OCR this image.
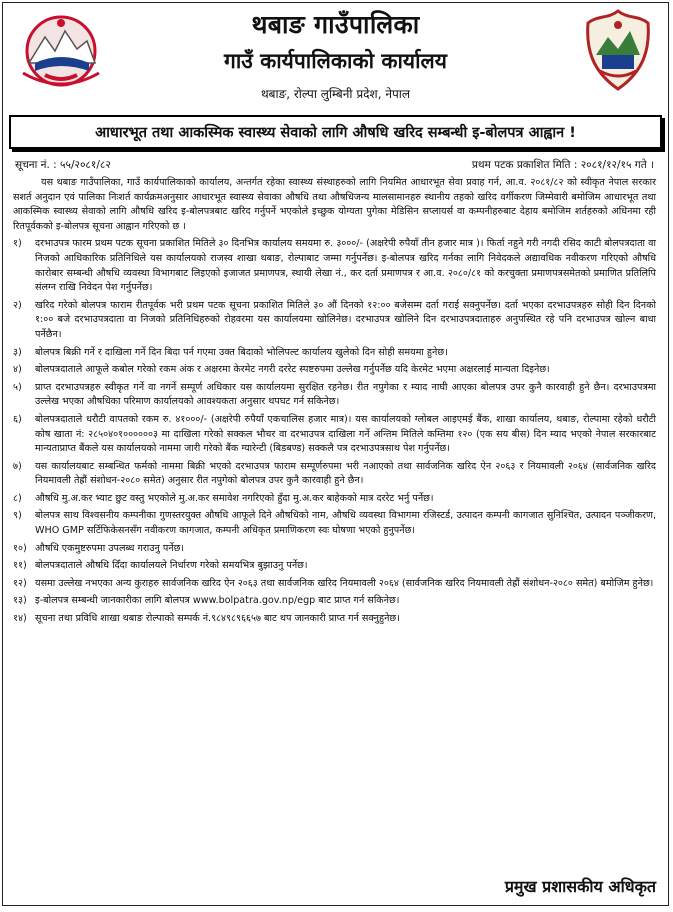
थबाङ गाउँपालिका
गाउँ कार्यपालिकाको कार्यालय
थबाङ, रोल्पा लुम्बिनी प्रदेश, नेपाल
आधारभूत तथा आकस्मिक स्वास्थ्य सेवाको लागि औषधि खरिद सम्बन्धी इ-बोलपत्र आह्वान !
सूचना नं. : ५५/२०८१/८२	प्रथम पटक प्रकाशित मिति : २०८१/१२/१५ गते ।

यस थबाङ गाउँपालिका, गाउँ कार्यपालिकाको कार्यालय, अन्तर्गत रहेका स्वास्थ्य संस्थाहरुको लागि नियमित आधारभूत सेवा प्रवाह गर्न, आ.व. २०८१/८२ को स्वीकृत नेपाल सरकार सशर्त अनुदान एवं पालिका निःशर्त कार्यक्रमअनुसार आधारभूत स्वास्थ्य सेवाका औषधि तथा औषधिजन्य मालसामानहरु स्थानीय तहको खरिद वर्गीकरण जिम्मेवारी बमोजिम आधारभूत तथा आकस्मिक स्वास्थ्य सेवाको लागि औषधि खरिद इ-बोलपत्रबाट खरिद गर्नुपर्ने भएकोले इच्छुक योग्यता पुगेका मेडिसिन सप्लायर्स वा कम्पनीहरुबाट देहाय बमोजिम शर्तहरुको अधिनमा रही रितपूर्वकको इ-बोलपत्र सूचना आह्वान गरिएको छ ।

१)	दरभाउपत्र फारम प्रथम पटक सूचना प्रकाशित मितिले ३० दिनभित्र कार्यालय समयमा रु. ३०००/- (अक्षरेपी रुपैयाँ तीन हजार मात्र )। फिर्ता नहुने गरी नगदी रसिद काटी बोलपत्रदाता वा निजको आधिकारिक प्रतिनिधिले यस कार्यालयको राजस्व शाखा थबाङ, रोल्पाबाट जम्मा गर्नुपर्नेछ। इ-बोलपत्र खरिद गर्नका लागि निवेदकले अद्यावधिक नवीकरण गरिएको औषधि कारोबार सम्बन्धी औषधि व्यवस्था विभागबाट लिइएको इजाजत प्रमाणपत्र, स्थायी लेखा नं., कर दर्ता प्रमाणपत्र र आ.व. २०८०/८१ को करचुक्ता प्रमाणपत्रसमेतको प्रमाणित प्रतिलिपि संलग्न राखि निवेदन पेश गर्नुपर्नेछ।
२)	खरिद गरेको बोलपत्र फाराम रीतपूर्वक भरी प्रथम पटक सूचना प्रकाशित मितिले ३० औं दिनको १२:०० बजेसम्म दर्ता गराई सक्नुपर्नेछ। दर्ता भएका दरभाउपत्रहरु सोही दिन दिनको १:०० बजे दरभाउपत्रदाता वा निजको प्रतिनिधिहरुको रोहवरमा यस कार्यालयमा खोलिनेछ। दरभाउपत्र खोलिने दिन दरभाउपत्रदाताहरु अनुपस्थित रहे पनि दरभाउपत्र खोल्न बाधा पर्नेछैन।
३)	बोलपत्र बिक्री गर्ने र दाखिला गर्ने दिन बिदा पर्न गएमा उक्त बिदाको भोलिपल्ट कार्यालय खुलेको दिन सोही समयमा हुनेछ।
४)	बोलपत्रदाताले आफूले कबोल गरेको रकम अंक र अक्षरमा केरमेट नगरी दररेट स्पष्टरुपमा उल्लेख गर्नुपर्नेछ यदि केरमेट भएमा अक्षरलाई मान्यता दिइनेछ।
५)	प्राप्त दरभाउपत्रहरु स्वीकृत गर्ने वा नगर्ने सम्पूर्ण अधिकार यस कार्यालयमा सुरक्षित रहनेछ। रीत नपुगेका र म्याद नाघी आएका बोलपत्र उपर कुनै कारवाही हुने छैन। दरभाउपत्रमा उल्लेख भएका औषधिका परिमाण कार्यालयको आवश्यकता अनुसार थपघट गर्न सकिनेछ।
६)	बोलपत्रदाताले धरौटी वापतको रकम रु. ४१०००/- (अक्षरेपी रुपैयाँ एकचालिस हजार मात्र)। यस कार्यालयको ग्लोबल आइएमई बैंक, शाखा कार्यालय, थबाङ, रोल्पामा रहेको धरौटी कोष खाता नं: २८५०४०१००००००३ मा दाखिला गरेको सक्कल भौचर वा दरभाउपत्र दाखिला गर्ने अन्तिम मितिले कम्तिमा १२० (एक सय बीस) दिन म्याद भएको नेपाल सरकारबाट मान्यताप्राप्त बैंकले यस कार्यालयको नाममा जारी गरेको बैंक ग्यारेन्टी (बिडबण्ड) सक्कलै पत्र दरभाउपत्रसाथ पेश गर्नुपर्नेछ।
७)	यस कार्यालयबाट सम्बन्धित फर्मको नाममा बिक्री भएको दरभाउपत्र फाराम सम्पूर्णरुपमा भरी नआएको तथा सार्वजनिक खरिद ऐन २०६३ र नियमावली २०६४ (सार्वजनिक खरिद नियमावली तेह्रौं संशोधन-२०८० समेत) अनुसार रीत नपुगेको बोलपत्र उपर कुनै कारवाही हुने छैन।
८)	औषधि मु.अ.कर भ्याट छुट वस्तु भएकोले मु.अ.कर समावेश नगरिएको हुँदा मु.अ.कर बाहेकको मात्र दररेट भर्नु पर्नेछ।
९)	बोलपत्र साथ विश्वसनीय कम्पनीका गुणस्तरयुक्त औषधि आफूले दिने औषधिको नाम, औषधि व्यवस्था विभागमा रजिस्टर्ड, उत्पादन कम्पनी कागजात सुनिश्चित, उत्पादन पञ्जीकरण, WHO GMP सर्टिफिकेसनसँग नवीकरण कागजात, कम्पनी अधिकृत प्रमाणिकरण स्वः घोषणा भएको हुनुपर्नेछ।
१०) औषधि एकमुष्टरुपमा उपलब्ध गराउनु पर्नेछ।
११) बोलपत्रदाताले औषधि दिँदा कार्यालयले निर्धारण गरेको समयभित्र बुझाउनु पर्नेछ।
१२) यसमा उल्लेख नभएका अन्य कुराहरु सार्वजनिक खरिद ऐन २०६३ तथा सार्वजनिक खरिद नियमावली २०६४ (सार्वजनिक खरिद नियमावली तेह्रौं संशोधन-२०८० समेत) बमोजिम हुनेछ।
१३) इ-बोलपत्र सम्बन्धी जानकारीका लागि बोलपत्र www.bolpatra.gov.np/egp बाट प्राप्त गर्न सकिनेछ।
१४) सूचना तथा प्रविधि शाखा थबाङ रोल्पाको सम्पर्क नं.९८४९८९६६५७ बाट थप जानकारी प्राप्त गर्न सक्नुहुनेछ।
प्रमुख प्रशासकीय अधिकृत
